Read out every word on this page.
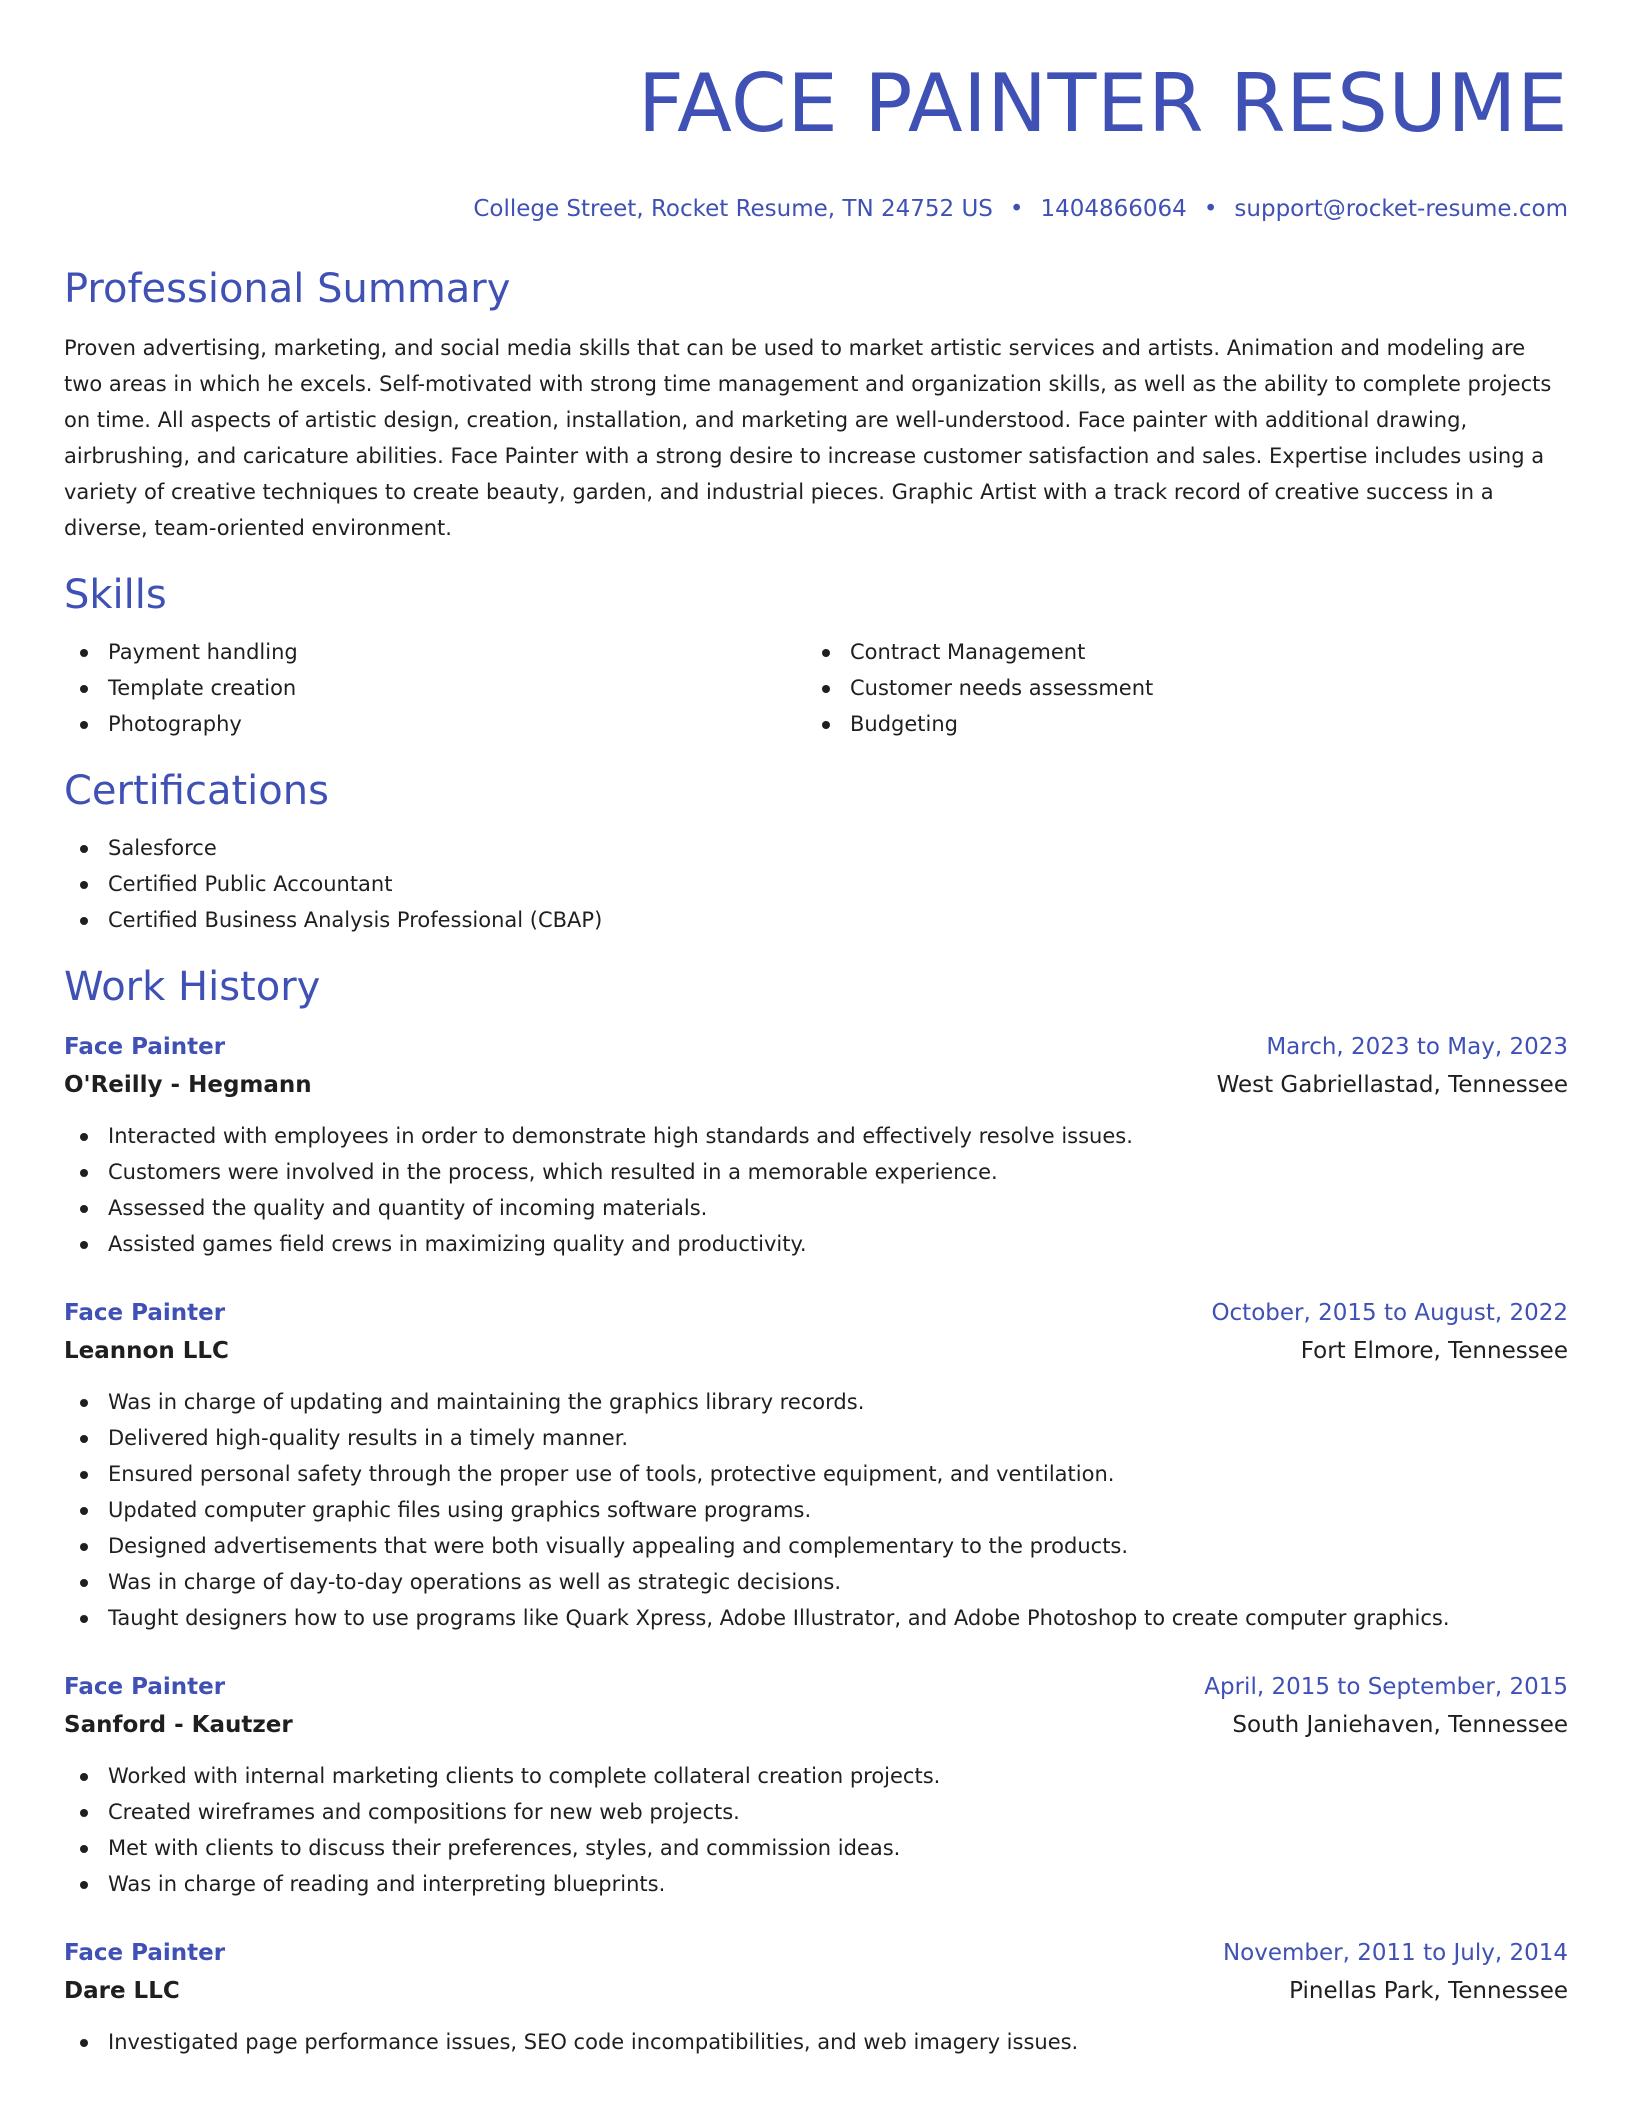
FACE PAINTER RESUME
College Street, Rocket Resume, TN 24752 US • 1404866064 • support@rocket-resume.com
Professional Summary

Proven advertising, marketing, and social media skills that can be used to market artistic services and artists. Animation and modeling are two areas in which he excels. Self-motivated with strong time management and organization skills, as well as the ability to complete projects on time. All aspects of artistic design, creation, installation, and marketing are well-understood. Face painter with additional drawing, airbrushing, and caricature abilities. Face Painter with a strong desire to increase customer satisfaction and sales. Expertise includes using a variety of creative techniques to create beauty, garden, and industrial pieces. Graphic Artist with a track record of creative success in a diverse, team-oriented environment.

Skills
Payment handling
Template creation
Photography
Contract Management
Customer needs assessment
Budgeting
Certifications
Salesforce
Certified Public Accountant
Certified Business Analysis Professional (CBAP)
Work History
Face Painter	March, 2023 to May, 2023
O'Reilly - Hegmann	West Gabriellastad, Tennessee
Interacted with employees in order to demonstrate high standards and effectively resolve issues.
Customers were involved in the process, which resulted in a memorable experience.
Assessed the quality and quantity of incoming materials.
Assisted games field crews in maximizing quality and productivity.
Face Painter	October, 2015 to August, 2022
Leannon LLC	Fort Elmore, Tennessee
Was in charge of updating and maintaining the graphics library records.
Delivered high-quality results in a timely manner.
Ensured personal safety through the proper use of tools, protective equipment, and ventilation.
Updated computer graphic files using graphics software programs.
Designed advertisements that were both visually appealing and complementary to the products.
Was in charge of day-to-day operations as well as strategic decisions.
Taught designers how to use programs like Quark Xpress, Adobe Illustrator, and Adobe Photoshop to create computer graphics.
Face Painter	April, 2015 to September, 2015
Sanford - Kautzer	South Janiehaven, Tennessee
Worked with internal marketing clients to complete collateral creation projects.
Created wireframes and compositions for new web projects.
Met with clients to discuss their preferences, styles, and commission ideas.
Was in charge of reading and interpreting blueprints.
Face Painter	November, 2011 to July, 2014
Dare LLC	Pinellas Park, Tennessee
Investigated page performance issues, SEO code incompatibilities, and web imagery issues.
